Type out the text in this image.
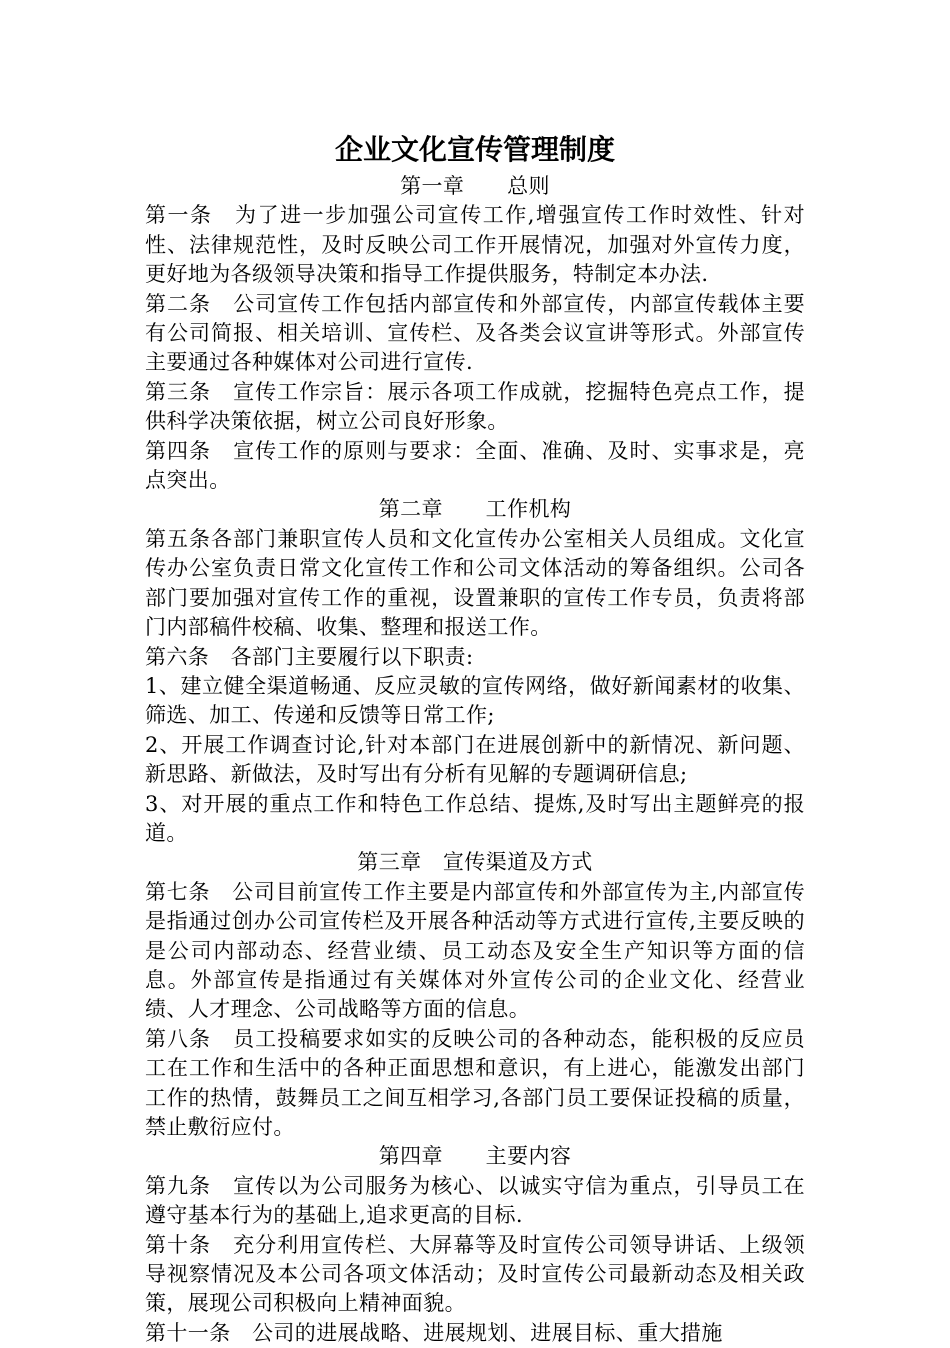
企业文化宣传管理制度
第一章　　总则
第一条　为了进一步加强公司宣传工作,增强宣传工作时效性、针对性、法律规范性，及时反映公司工作开展情况，加强对外宣传力度，更好地为各级领导决策和指导工作提供服务，特制定本办法.
第二条　公司宣传工作包括内部宣传和外部宣传，内部宣传载体主要有公司简报、相关培训、宣传栏、及各类会议宣讲等形式。外部宣传主要通过各种媒体对公司进行宣传.
第三条　宣传工作宗旨：展示各项工作成就，挖掘特色亮点工作，提供科学决策依据，树立公司良好形象。
第四条　宣传工作的原则与要求：全面、准确、及时、实事求是，亮点突出。
第二章　　工作机构
第五条各部门兼职宣传人员和文化宣传办公室相关人员组成。文化宣传办公室负责日常文化宣传工作和公司文体活动的筹备组织。公司各部门要加强对宣传工作的重视，设置兼职的宣传工作专员，负责将部门内部稿件校稿、收集、整理和报送工作。
第六条　各部门主要履行以下职责:
1、建立健全渠道畅通、反应灵敏的宣传网络，做好新闻素材的收集、筛选、加工、传递和反馈等日常工作;
2、开展工作调查讨论,针对本部门在进展创新中的新情况、新问题、新思路、新做法，及时写出有分析有见解的专题调研信息;
3、对开展的重点工作和特色工作总结、提炼,及时写出主题鲜亮的报道。
第三章　宣传渠道及方式
第七条　公司目前宣传工作主要是内部宣传和外部宣传为主,内部宣传是指通过创办公司宣传栏及开展各种活动等方式进行宣传,主要反映的是公司内部动态、经营业绩、员工动态及安全生产知识等方面的信息。外部宣传是指通过有关媒体对外宣传公司的企业文化、经营业绩、人才理念、公司战略等方面的信息。
第八条　员工投稿要求如实的反映公司的各种动态，能积极的反应员工在工作和生活中的各种正面思想和意识，有上进心，能激发出部门工作的热情，鼓舞员工之间互相学习,各部门员工要保证投稿的质量，禁止敷衍应付。
第四章　　主要内容
第九条　宣传以为公司服务为核心、以诚实守信为重点，引导员工在遵守基本行为的基础上,追求更高的目标.
第十条　充分利用宣传栏、大屏幕等及时宣传公司领导讲话、上级领导视察情况及本公司各项文体活动；及时宣传公司最新动态及相关政策，展现公司积极向上精神面貌。
第十一条　公司的进展战略、进展规划、进展目标、重大措施
